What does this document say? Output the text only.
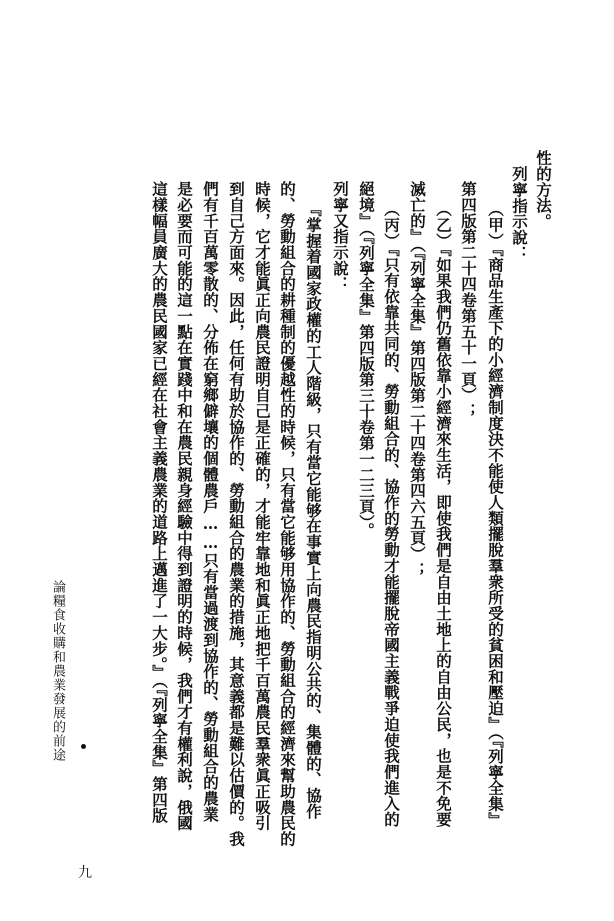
論糧食收購和農業發展的前途
九
性的方法。
列寧指示說：
（甲）『商品生產下的小經濟制度決不能使人類擺脫羣衆所受的貧困和壓迫』（『列寧全集』
第四版第二十四卷第五十一頁）；
（乙）『如果我們仍舊依靠小經濟來生活，即使我們是自由土地上的自由公民，也是不免要
滅亡的』（『列寧全集』第四版第二十四卷第四六五頁）；
（丙）『只有依靠共同的、勞動組合的、協作的勞動才能擺脫帝國主義戰爭迫使我們進入的
絕境』（『列寧全集』第四版第三十卷第一二三頁）。
列寧又指示說：
『掌握着國家政權的工人階級，只有當它能够在事實上向農民指明公共的、集體的、協作
的、勞動組合的耕種制的優越性的時候，只有當它能够用協作的、勞動組合的經濟來幫助農民的
時候，它才能眞正向農民證明自己是正確的，才能牢靠地和眞正地把千百萬農民羣衆眞正吸引
到自己方面來。因此，任何有助於協作的、勞動組合的農業的措施，其意義都是難以估價的。我
們有千百萬零散的、分佈在窮鄉僻壤的個體農戶……只有當過渡到協作的、勞動組合的農業
是必要而可能的這一點在實踐中和在農民親身經驗中得到證明的時候，我們才有權利說，俄國
這樣幅員廣大的農民國家已經在社會主義農業的道路上邁進了一大步。』（『列寧全集』第四版
